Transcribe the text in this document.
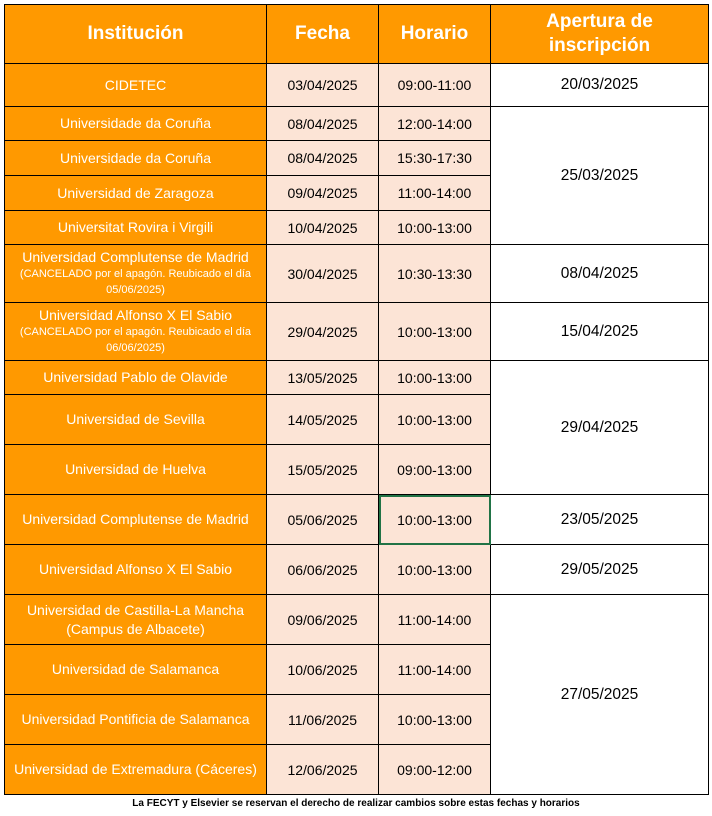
Institución	Fecha	Horario	Apertura de inscripción
CIDETEC	03/04/2025	09:00-11:00	20/03/2025
Universidade da Coruña	08/04/2025	12:00-14:00	25/03/2025
Universidade da Coruña	08/04/2025	15:30-17:30	
Universidad de Zaragoza	09/04/2025	11:00-14:00	
Universitat Rovira i Virgili	10/04/2025	10:00-13:00	
Universidad Complutense de Madrid
(CANCELADO por el apagón. Reubicado el día 05/06/2025)	30/04/2025	10:30-13:30	08/04/2025
Universidad Alfonso X El Sabio
(CANCELADO por el apagón. Reubicado el día 06/06/2025)	29/04/2025	10:00-13:00	15/04/2025
Universidad Pablo de Olavide	13/05/2025	10:00-13:00	29/04/2025
Universidad de Sevilla	14/05/2025	10:00-13:00	
Universidad de Huelva	15/05/2025	09:00-13:00	
Universidad Complutense de Madrid	05/06/2025	10:00-13:00	23/05/2025
Universidad Alfonso X El Sabio	06/06/2025	10:00-13:00	29/05/2025
Universidad de Castilla-La Mancha
(Campus de Albacete)	09/06/2025	11:00-14:00	27/05/2025
Universidad de Salamanca	10/06/2025	11:00-14:00	
Universidad Pontificia de Salamanca	11/06/2025	10:00-13:00	
Universidad de Extremadura (Cáceres)	12/06/2025	09:00-12:00	
La FECYT y Elsevier se reservan el derecho de realizar cambios sobre estas fechas y horarios
